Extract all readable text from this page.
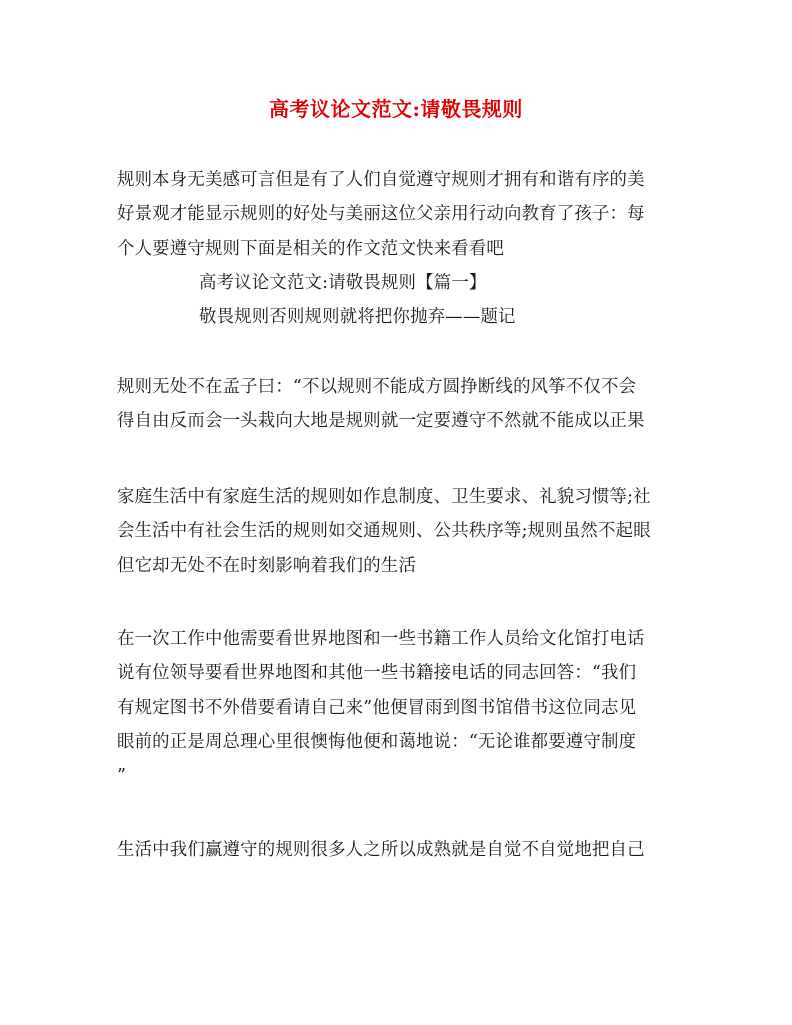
高考议论文范文:请敬畏规则
规则本身无美感可言但是有了人们自觉遵守规则才拥有和谐有序的美
好景观才能显示规则的好处与美丽这位父亲用行动向教育了孩子：每
个人要遵守规则下面是相关的作文范文快来看看吧
高考议论文范文:请敬畏规则【篇一】
敬畏规则否则规则就将把你抛弃——题记
规则无处不在孟子曰：“不以规则不能成方圆挣断线的风筝不仅不会
得自由反而会一头栽向大地是规则就一定要遵守不然就不能成以正果
家庭生活中有家庭生活的规则如作息制度、卫生要求、礼貌习惯等;社
会生活中有社会生活的规则如交通规则、公共秩序等;规则虽然不起眼
但它却无处不在时刻影响着我们的生活
在一次工作中他需要看世界地图和一些书籍工作人员给文化馆打电话
说有位领导要看世界地图和其他一些书籍接电话的同志回答：“我们
有规定图书不外借要看请自己来”他便冒雨到图书馆借书这位同志见
眼前的正是周总理心里很懊悔他便和蔼地说：“无论谁都要遵守制度
”
生活中我们赢遵守的规则很多人之所以成熟就是自觉不自觉地把自己
